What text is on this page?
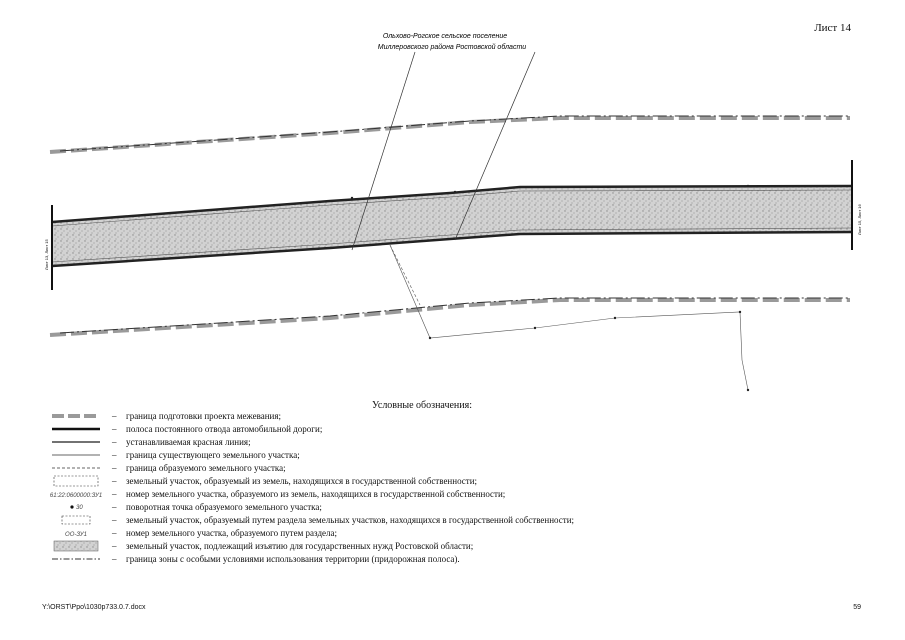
Лист 14
Ольховo-Рогское сельское поселение
Миллеровского района Ростовской области
Лист 13, Лист 15
Лист 15, Лист 16
Условные обозначения:
– граница подготовки проекта межевания;
– полоса постоянного отвода автомобильной дороги;
– устанавливаемая красная линия;
– граница существующего земельного участка;
– граница образуемого земельного участка;
– земельный участок, образуемый из земель, находящихся в государственной собственности;
61:22:0600000:ЗУ1 – номер земельного участка, образуемого из земель, находящихся в государственной собственности;
30	– поворотная точка образуемого земельного участка;
– земельный участок, образуемый путем раздела земельных участков, находящихся в государственной собственности;
ОО-ЗУ1	– номер земельного участка, образуемого путем раздела;
– земельный участок, подлежащий изъятию для государственных нужд Ростовской области;
– граница зоны с особыми условиями использования территории (придорожная полоса).
Y:\ORST\Ppo\1030p733.0.7.docx	59
